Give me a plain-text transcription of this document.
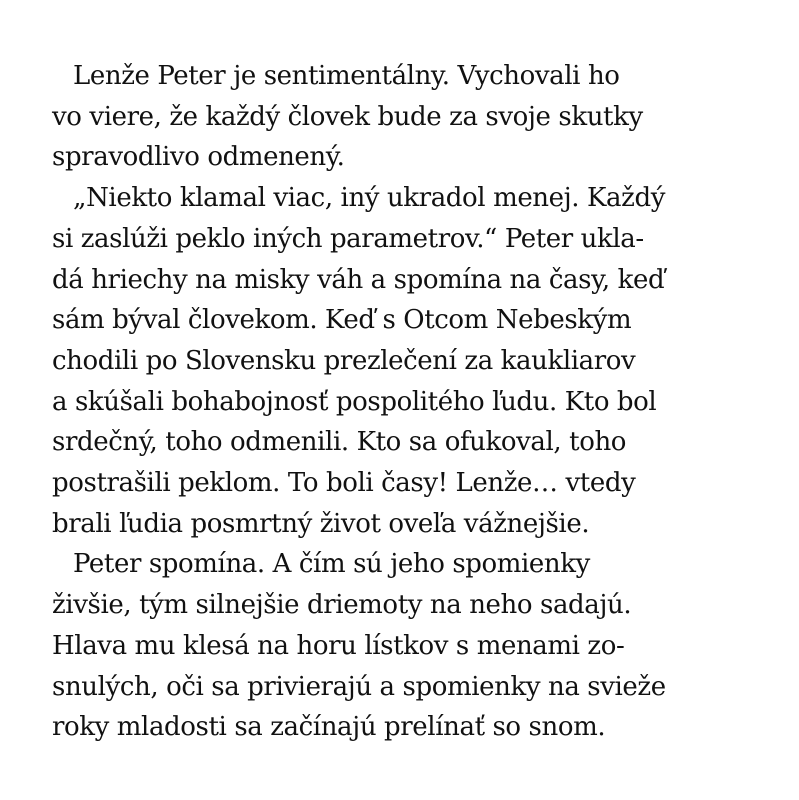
Lenže Peter je sentimentálny. Vychovali ho
vo viere, že každý človek bude za svoje skutky
spravodlivo odmenený.
„Niekto klamal viac, iný ukradol menej. Každý
si zaslúži peklo iných parametrov.“ Peter ukla-
dá hriechy na misky váh a spomína na časy, keď
sám býval človekom. Keď s Otcom Nebeským
chodili po Slovensku prezlečení za kaukliarov
a skúšali bohabojnosť pospolitého ľudu. Kto bol
srdečný, toho odmenili. Kto sa ofukoval, toho
postrašili peklom. To boli časy! Lenže… vtedy
brali ľudia posmrtný život oveľa vážnejšie.
Peter spomína. A čím sú jeho spomienky
živšie, tým silnejšie driemoty na neho sadajú.
Hlava mu klesá na horu lístkov s menami zo-
snulých, oči sa privierajú a spomienky na svieže
roky mladosti sa začínajú prelínať so snom.
